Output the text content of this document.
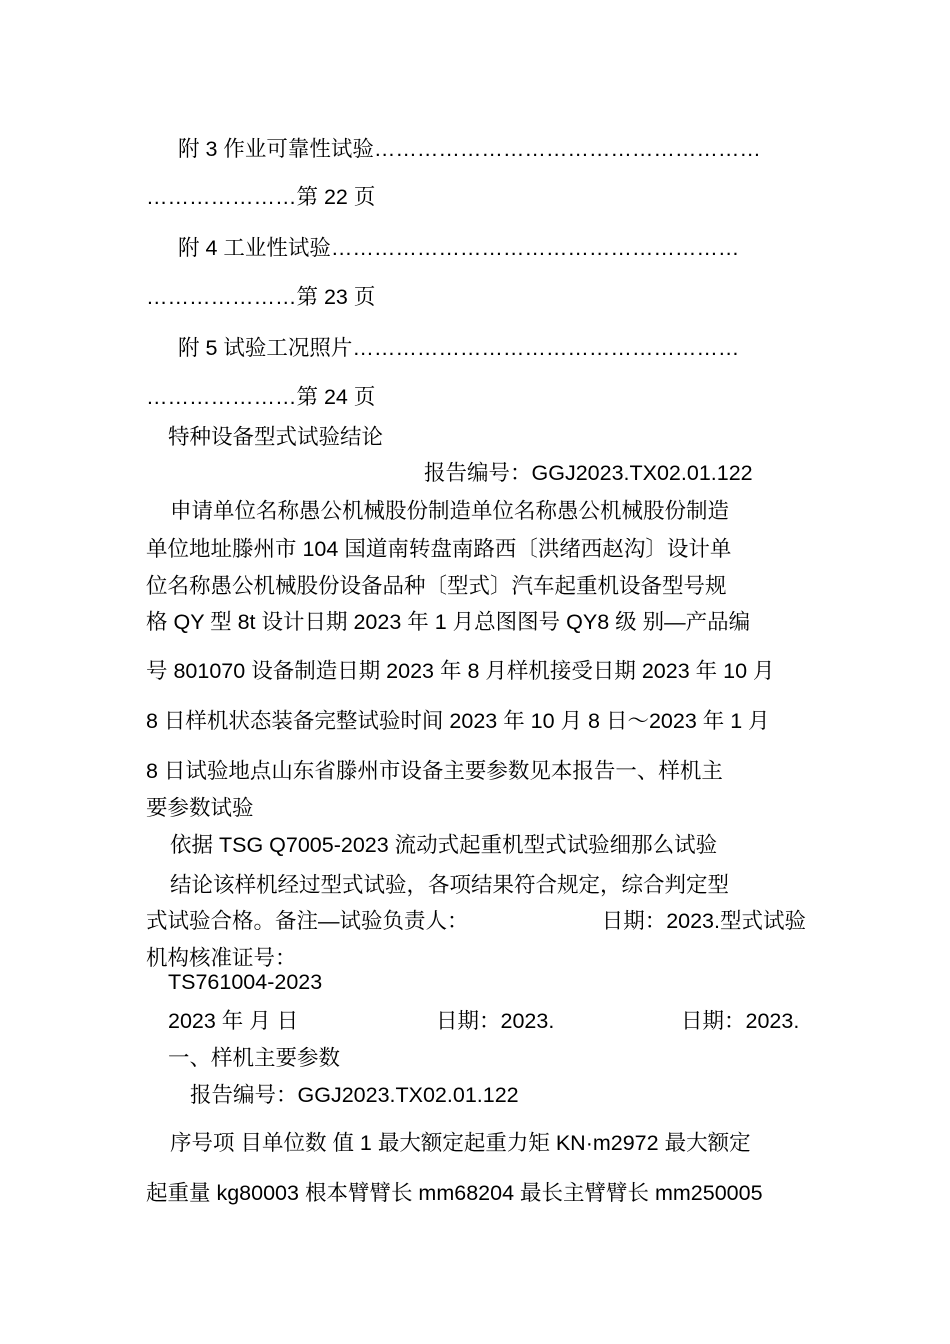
附 3 作业可靠性试验………………………………………………
…………………第 22 页
附 4 工业性试验…………………………………………………
…………………第 23 页
附 5 试验工况照片………………………………………………
…………………第 24 页
特种设备型式试验结论
报告编号：GGJ2023.TX02.01.122
申请单位名称愚公机械股份制造单位名称愚公机械股份制造
单位地址滕州市 104 国道南转盘南路西〔洪绪西赵沟〕设计单
位名称愚公机械股份设备品种〔型式〕汽车起重机设备型号规
格 QY 型 8t 设计日期 2023 年 1 月总图图号 QY8 级 别—产品编
号 801070 设备制造日期 2023 年 8 月样机接受日期 2023 年 10 月
8 日样机状态装备完整试验时间 2023 年 10 月 8 日～2023 年 1 月
8 日试验地点山东省滕州市设备主要参数见本报告一、样机主
要参数试验
依据 TSG Q7005-2023 流动式起重机型式试验细那么试验
结论该样机经过型式试验，各项结果符合规定，综合判定型
式试验合格。备注—试验负责人：	日期：2023.型式试验
机构核准证号：
TS761004-2023
2023 年 月 日	日期：2023.	日期：2023.
一、样机主要参数
报告编号：GGJ2023.TX02.01.122
序号项 目单位数 值 1 最大额定起重力矩 KN·m2972 最大额定
起重量 kg80003 根本臂臂长 mm68204 最长主臂臂长 mm250005
